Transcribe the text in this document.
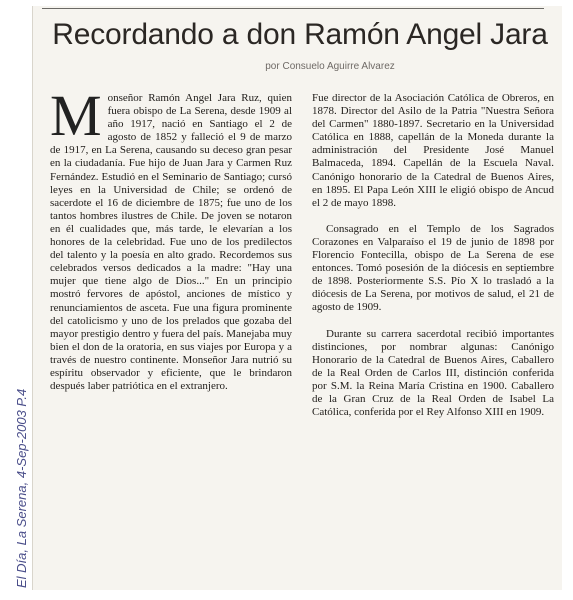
Recordando a don Ramón Angel Jara
por Consuelo Aguirre Alvarez

Monseñor Ramón Angel Jara Ruz, quien fuera obispo de La Serena, desde 1909 al año 1917, nació en Santiago el 2 de agosto de 1852 y falleció el 9 de marzo de 1917, en La Serena, causando su deceso gran pesar en la ciudadanía. Fue hijo de Juan Jara y Carmen Ruz Fernández. Estudió en el Seminario de Santiago; cursó leyes en la Universidad de Chile; se ordenó de sacerdote el 16 de diciembre de 1875; fue uno de los tantos hombres ilustres de Chile. De joven se notaron en él cualidades que, más tarde, le elevarían a los honores de la celebridad. Fue uno de los predilectos del talento y la poesía en alto grado. Recordemos sus celebrados versos dedicados a la madre: "Hay una mujer que tiene algo de Dios..." En un principio mostró fervores de apóstol, anciones de místico y renunciamientos de asceta. Fue una figura prominente del catolicismo y uno de los prelados que gozaba del mayor prestigio dentro y fuera del país. Manejaba muy bien el don de la oratoria, en sus viajes por Europa y a través de nuestro continente. Monseñor Jara nutrió su espíritu observador y eficiente, que le brindaron después laber patriótica en el extranjero.

Fue director de la Asociación Católica de Obreros, en 1878. Director del Asilo de la Patria "Nuestra Señora del Carmen" 1880-1897. Secretario en la Universidad Católica en 1888, capellán de la Moneda durante la administración del Presidente José Manuel Balmaceda, 1894. Capellán de la Escuela Naval. Canónigo honorario de la Catedral de Buenos Aires, en 1895. El Papa León XIII le eligió obispo de Ancud el 2 de mayo 1898.

Consagrado en el Templo de los Sagrados Corazones en Valparaíso el 19 de junio de 1898 por Florencio Fontecilla, obispo de La Serena de ese entonces. Tomó posesión de la diócesis en septiembre de 1898. Posteriormente S.S. Pío X lo trasladó a la diócesis de La Serena, por motivos de salud, el 21 de agosto de 1909.

Durante su carrera sacerdotal recibió importantes distinciones, por nombrar algunas: Canónigo Honorario de la Catedral de Buenos Aires, Caballero de la Real Orden de Carlos III, distinción conferida por S.M. la Reina María Cristina en 1900. Caballero de la Gran Cruz de la Real Orden de Isabel La Católica, conferida por el Rey Alfonso XIII en 1909.

El Día, La Serena, 4-Sep-2003 P.4
